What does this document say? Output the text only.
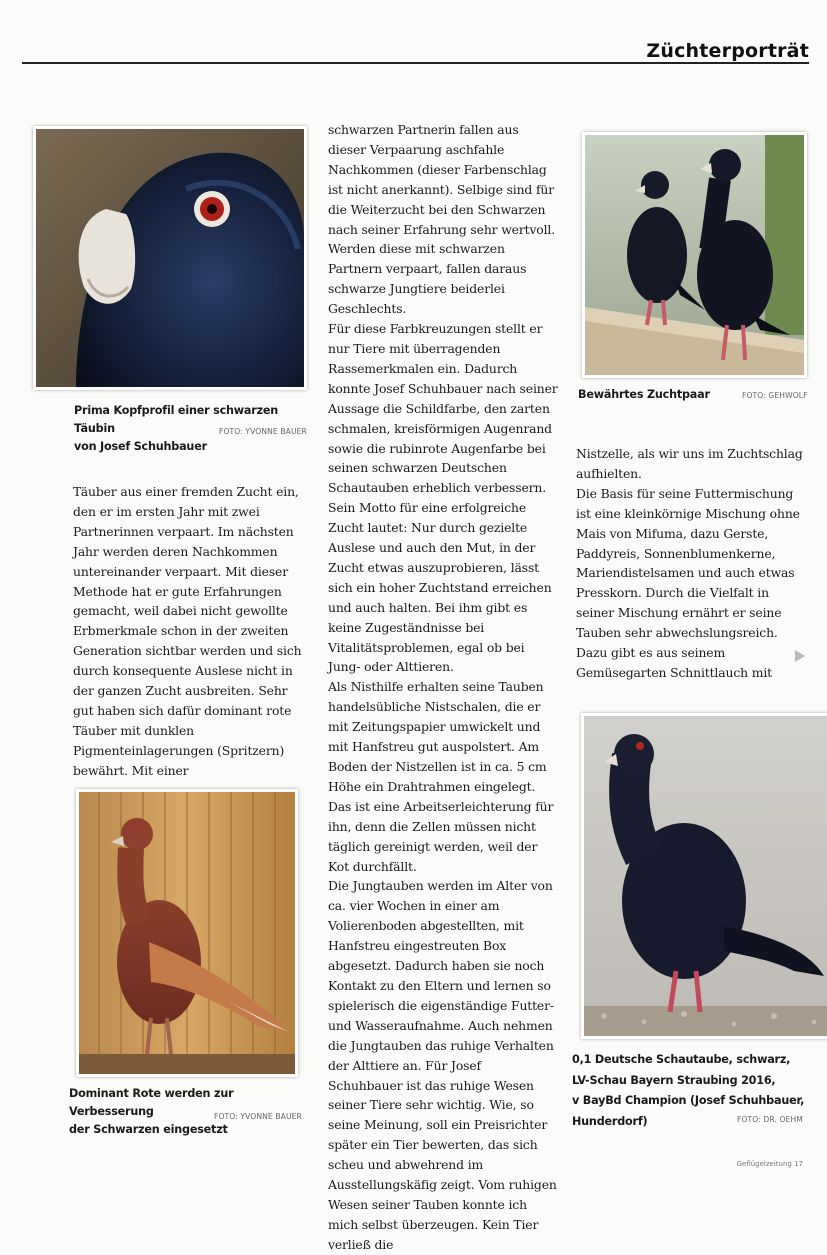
Züchterporträt
Prima Kopfprofil einer schwarzen Täubin
von Josef Schuhbauer
FOTO: YVONNE BAUER
Bewährtes Zuchtpaar	FOTO: GEHWOLF
Dominant Rote werden zur Verbesserung
der Schwarzen eingesetzt
FOTO: YVONNE BAUER
0,1 Deutsche Schautaube, schwarz,
LV-Schau Bayern Straubing 2016,
v BayBd Champion (Josef Schuhbauer,
Hunderdorf)	FOTO: DR. OEHM

Täuber aus einer fremden Zucht ein, den er im ersten Jahr mit zwei Partnerinnen verpaart. Im nächsten Jahr werden deren Nachkommen untereinander verpaart. Mit dieser Methode hat er gute Erfahrungen gemacht, weil dabei nicht gewollte Erbmerkmale schon in der zweiten Generation sichtbar werden und sich durch konsequente Auslese nicht in der ganzen Zucht ausbreiten. Sehr gut haben sich dafür dominant rote Täuber mit dunklen Pigmenteinlagerungen (Spritzern) bewährt. Mit einer

schwarzen Partnerin fallen aus dieser Verpaarung aschfahle Nachkommen (dieser Farbenschlag ist nicht anerkannt). Selbige sind für die Weiterzucht bei den Schwarzen nach seiner Erfahrung sehr wertvoll. Werden diese mit schwarzen Partnern verpaart, fallen daraus schwarze Jungtiere beiderlei Geschlechts.

Für diese Farbkreuzungen stellt er nur Tiere mit überragenden Rassemerkmalen ein. Dadurch konnte Josef Schuhbauer nach seiner Aussage die Schildfarbe, den zarten schmalen, kreisförmigen Augenrand sowie die rubinrote Augenfarbe bei seinen schwarzen Deutschen Schautauben erheblich verbessern. Sein Motto für eine erfolgreiche Zucht lautet: Nur durch gezielte Auslese und auch den Mut, in der Zucht etwas auszuprobieren, lässt sich ein hoher Zuchtstand erreichen und auch halten. Bei ihm gibt es keine Zugeständnisse bei Vitalitätsproblemen, egal ob bei Jung- oder Alttieren.

Als Nisthilfe erhalten seine Tauben handelsübliche Nistschalen, die er mit Zeitungspapier umwickelt und mit Hanfstreu gut auspolstert. Am Boden der Nistzellen ist in ca. 5 cm Höhe ein Drahtrahmen eingelegt. Das ist eine Arbeitserleichterung für ihn, denn die Zellen müssen nicht täglich gereinigt werden, weil der Kot durchfällt.

Die Jungtauben werden im Alter von ca. vier Wochen in einer am Volierenboden abgestellten, mit Hanfstreu eingestreuten Box abgesetzt. Dadurch haben sie noch Kontakt zu den Eltern und lernen so spielerisch die eigenständige Futter- und Wasseraufnahme. Auch nehmen die Jungtauben das ruhige Verhalten der Alttiere an. Für Josef Schuhbauer ist das ruhige Wesen seiner Tiere sehr wichtig. Wie, so seine Meinung, soll ein Preisrichter später ein Tier bewerten, das sich scheu und abwehrend im Ausstellungskäfig zeigt. Vom ruhigen Wesen seiner Tauben konnte ich mich selbst überzeugen. Kein Tier verließ die

Nistzelle, als wir uns im Zuchtschlag aufhielten.

Die Basis für seine Futtermischung ist eine kleinkörnige Mischung ohne Mais von Mifuma, dazu Gerste, Paddyreis, Sonnenblumenkerne, Mariendistelsamen und auch etwas Presskorn. Durch die Vielfalt in seiner Mischung ernährt er seine Tauben sehr abwechslungsreich. Dazu gibt es aus seinem Gemüsegarten Schnittlauch mit

Geflügelzeitung 17
